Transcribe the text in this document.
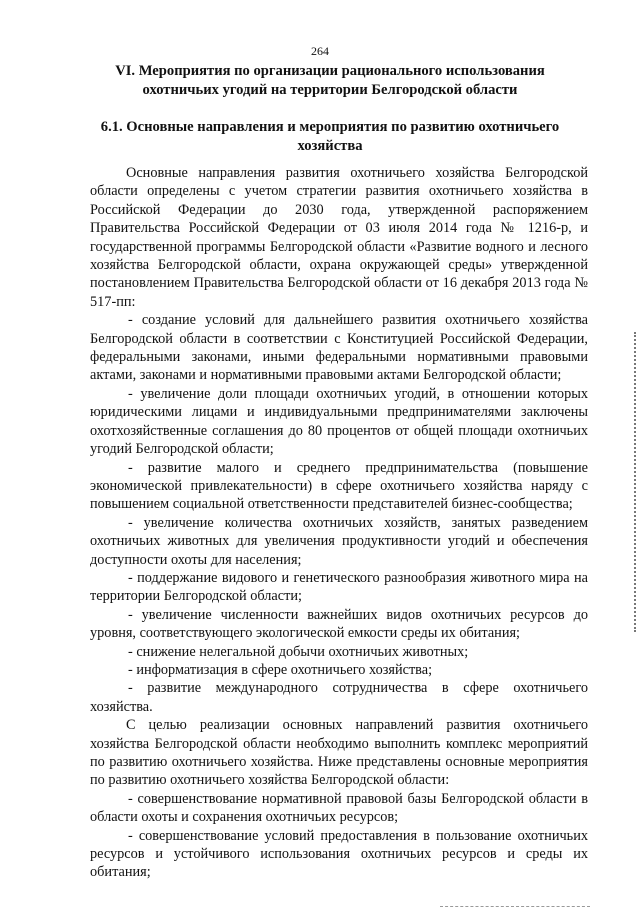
264
VI. Мероприятия по организации рационального использования охотничьих угодий на территории Белгородской области
6.1. Основные направления и мероприятия по развитию охотничьего хозяйства

Основные направления развития охотничьего хозяйства Белгородской области определены с учетом стратегии развития охотничьего хозяйства в Российской Федерации до 2030 года, утвержденной распоряжением Правительства Российской Федерации от 03 июля 2014 года № 1216-р, и государственной программы Белгородской области «Развитие водного и лесного хозяйства Белгородской области, охрана окружающей среды» утвержденной постановлением Правительства Белгородской области от 16 декабря 2013 года № 517-пп:

- создание условий для дальнейшего развития охотничьего хозяйства Белгородской области в соответствии с Конституцией Российской Федерации, федеральными законами, иными федеральными нормативными правовыми актами, законами и нормативными правовыми актами Белгородской области;

- увеличение доли площади охотничьих угодий, в отношении которых юридическими лицами и индивидуальными предпринимателями заключены охотхозяйственные соглашения до 80 процентов от общей площади охотничьих угодий Белгородской области;

- развитие малого и среднего предпринимательства (повышение экономической привлекательности) в сфере охотничьего хозяйства наряду с повышением социальной ответственности представителей бизнес-сообщества;

- увеличение количества охотничьих хозяйств, занятых разведением охотничьих животных для увеличения продуктивности угодий и обеспечения доступности охоты для населения;

- поддержание видового и генетического разнообразия животного мира на территории Белгородской области;

- увеличение численности важнейших видов охотничьих ресурсов до уровня, соответствующего экологической емкости среды их обитания;

- снижение нелегальной добычи охотничьих животных;

- информатизация в сфере охотничьего хозяйства;

- развитие международного сотрудничества в сфере охотничьего хозяйства.

С целью реализации основных направлений развития охотничьего хозяйства Белгородской области необходимо выполнить комплекс мероприятий по развитию охотничьего хозяйства. Ниже представлены основные мероприятия по развитию охотничьего хозяйства Белгородской области:

- совершенствование нормативной правовой базы Белгородской области в области охоты и сохранения охотничьих ресурсов;

- совершенствование условий предоставления в пользование охотничьих ресурсов и устойчивого использования охотничьих ресурсов и среды их обитания;
